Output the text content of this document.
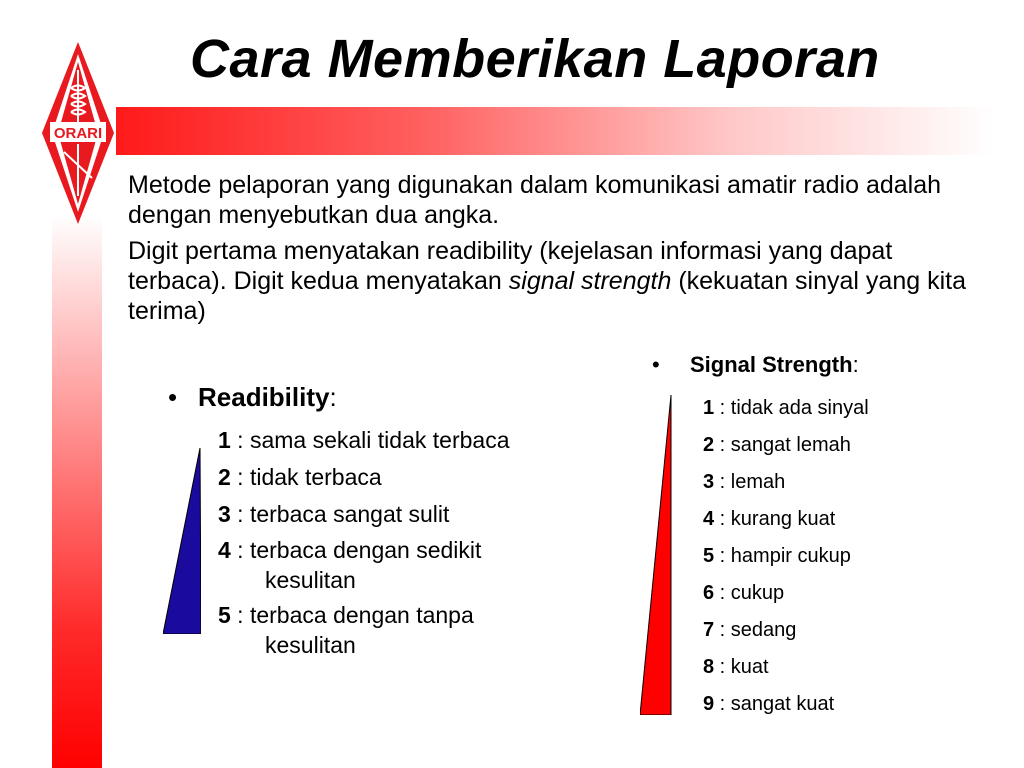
ORARI
Cara Memberikan Laporan

Metode pelaporan yang digunakan dalam komunikasi amatir radio adalah dengan menyebutkan dua angka.

Digit pertama menyatakan readibility (kejelasan informasi yang dapat terbaca). Digit kedua menyatakan signal strength (kekuatan sinyal yang kita terima)

• Readibility:
1 : sama sekali tidak terbaca
2 : tidak terbaca
3 : terbaca sangat sulit
4 : terbaca dengan sedikit
kesulitan
5 : terbaca dengan tanpa
kesulitan
• Signal Strength:
1 : tidak ada sinyal
2 : sangat lemah
3 : lemah
4 : kurang kuat
5 : hampir cukup
6 : cukup
7 : sedang
8 : kuat
9 : sangat kuat
